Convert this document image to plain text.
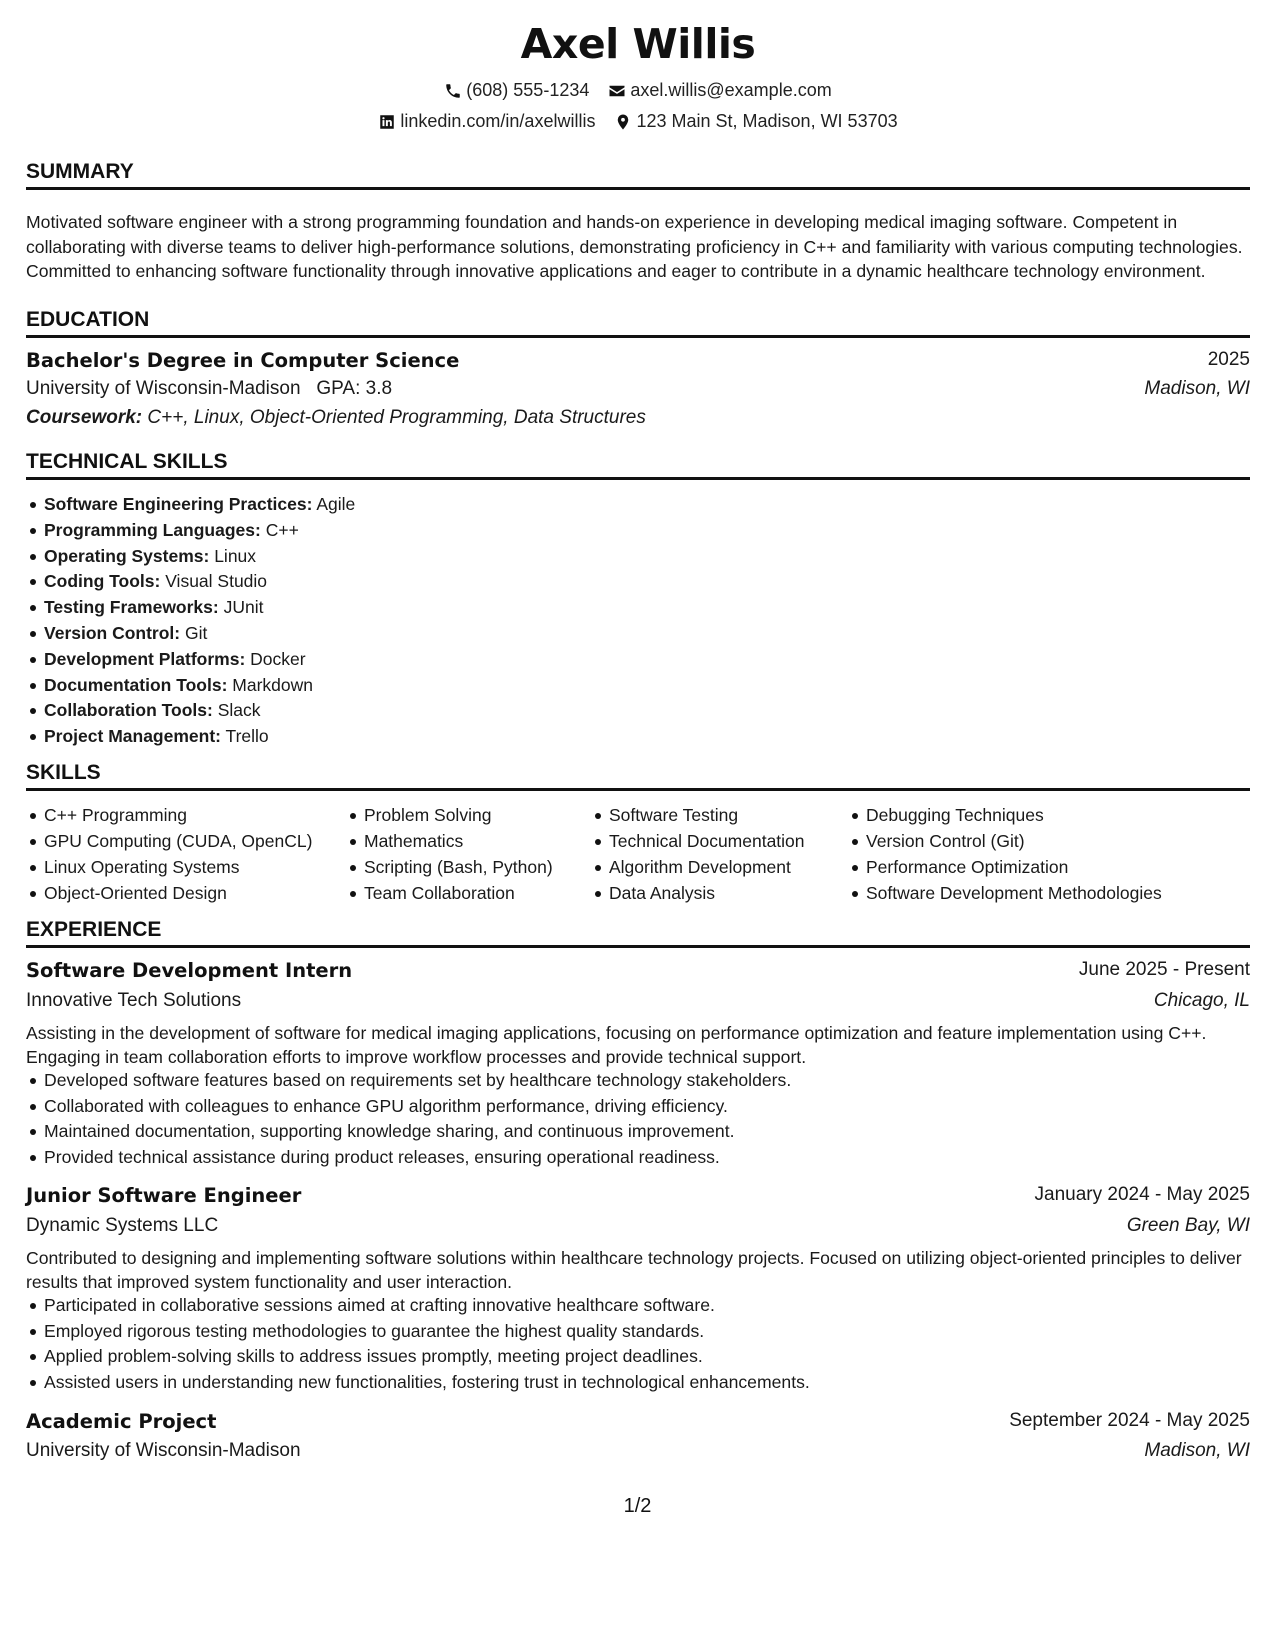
Axel Willis
(608) 555-1234
axel.willis@example.com
linkedin.com/in/axelwillis
123 Main St, Madison, WI 53703
SUMMARY
Motivated software engineer with a strong programming foundation and hands-on experience in developing medical imaging software. Competent in collaborating with diverse teams to deliver high-performance solutions, demonstrating proficiency in C++ and familiarity with various computing technologies. Committed to enhancing software functionality through innovative applications and eager to contribute in a dynamic healthcare technology environment.
EDUCATION
Bachelor's Degree in Computer Science	2025
University of Wisconsin-Madison GPA: 3.8	Madison, WI
Coursework: C++, Linux, Object-Oriented Programming, Data Structures
TECHNICAL SKILLS
Software Engineering Practices: Agile
Programming Languages: C++
Operating Systems: Linux
Coding Tools: Visual Studio
Testing Frameworks: JUnit
Version Control: Git
Development Platforms: Docker
Documentation Tools: Markdown
Collaboration Tools: Slack
Project Management: Trello
SKILLS
C++ Programming
GPU Computing (CUDA, OpenCL)
Linux Operating Systems
Object-Oriented Design
Problem Solving
Mathematics
Scripting (Bash, Python)
Team Collaboration
Software Testing
Technical Documentation
Algorithm Development
Data Analysis
Debugging Techniques
Version Control (Git)
Performance Optimization
Software Development Methodologies
EXPERIENCE
Software Development Intern	June 2025 - Present
Innovative Tech Solutions	Chicago, IL
Assisting in the development of software for medical imaging applications, focusing on performance optimization and feature implementation using C++. Engaging in team collaboration efforts to improve workflow processes and provide technical support.
Developed software features based on requirements set by healthcare technology stakeholders.
Collaborated with colleagues to enhance GPU algorithm performance, driving efficiency.
Maintained documentation, supporting knowledge sharing, and continuous improvement.
Provided technical assistance during product releases, ensuring operational readiness.
Junior Software Engineer	January 2024 - May 2025
Dynamic Systems LLC	Green Bay, WI
Contributed to designing and implementing software solutions within healthcare technology projects. Focused on utilizing object-oriented principles to deliver results that improved system functionality and user interaction.
Participated in collaborative sessions aimed at crafting innovative healthcare software.
Employed rigorous testing methodologies to guarantee the highest quality standards.
Applied problem-solving skills to address issues promptly, meeting project deadlines.
Assisted users in understanding new functionalities, fostering trust in technological enhancements.
Academic Project	September 2024 - May 2025
University of Wisconsin-Madison	Madison, WI
1/2
